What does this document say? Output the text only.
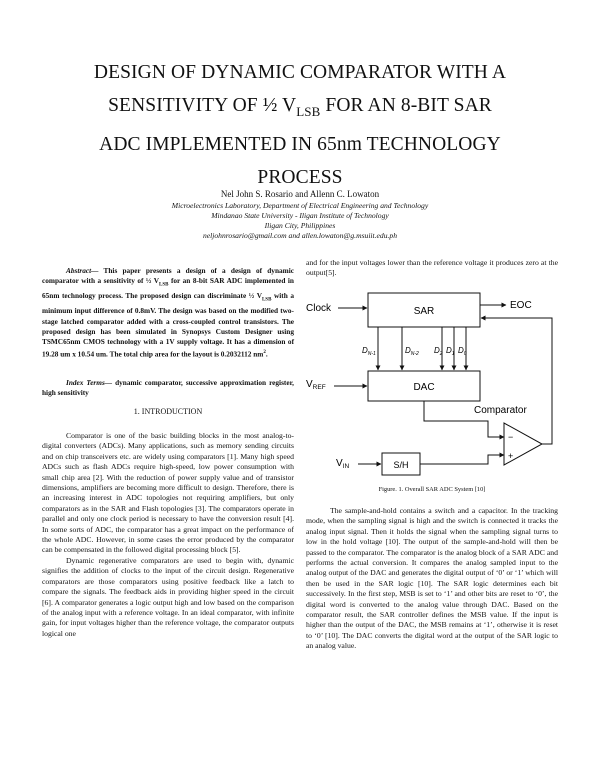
DESIGN OF DYNAMIC COMPARATOR WITH A
SENSITIVITY OF ½ $V_{LSB}$ FOR AN 8-BIT SAR
ADC IMPLEMENTED IN 65nm TECHNOLOGY
PROCESS
Nel John S. Rosario and Allenn C. Lowaton
Microelectronics Laboratory, Department of Electrical Engineering and Technology
Mindanao State University - Iligan Institute of Technology
Iligan City, Philippines
neljohnrosario@gmail.com and allen.lowaton@g.msuiit.edu.ph

Abstract— This paper presents a design of a design of dynamic comparator with a sensitivity of ½ $V_{LSB}$ for an 8-bit SAR ADC implemented in 65nm technology process. The proposed design can discriminate ½ $V_{LSB}$ with a minimum input difference of 0.8mV. The design was based on the modified two-stage latched comparator added with a cross-coupled control transistors. The proposed design has been simulated in Synopsys Custom Designer using TSMC65nm CMOS technology with a 1V supply voltage. It has a dimension of 19.28 um x 10.54 um. The total chip area for the layout is 0.2032112 $nm^2$.

Index Terms— dynamic comparator, successive approximation register, high sensitivity

1. INTRODUCTION

Comparator is one of the basic building blocks in the most analog-to-digital converters (ADCs). Many applications, such as memory sending circuits and on chip transceivers etc. are widely using comparators [1]. Many high speed ADCs such as flash ADCs require high-speed, low power consumption with small chip area [2]. With the reduction of power supply value and of transistor dimensions, amplifiers are becoming more difficult to design. Therefore, there is an increasing interest in ADC topologies not requiring amplifiers, but only comparators as in the SAR and Flash topologies [3]. The comparators operate in parallel and only one clock period is necessary to have the conversion result [4]. In some sorts of ADC, the comparator has a great impact on the performance of the whole ADC. However, in some cases the error produced by the comparator can be compensated in the followed digital processing block [5].

Dynamic regenerative comparators are used to begin with, dynamic signifies the addition of clocks to the input of the circuit design. Regenerative comparators are those comparators using positive feedback like a latch to compare the signals. The feedback aids in providing higher speed in the circuit [6]. A comparator generates a logic output high and low based on the comparison of the analog input with a reference voltage. In an ideal comparator, with infinite gain, for input voltages higher than the reference voltage, the comparator outputs logical one

and for the input voltages lower than the reference voltage it produces zero at the output[5].

SAR
Clock	EOC
$D_{N-1}$	$D_{N-2}$ $D_2$ $D_1$ $D_0$
DAC
$V_{REF}$
Comparator
−
+
$V_{IN}$	S/H
Figure. 1. Overall SAR ADC System [10]

The sample-and-hold contains a switch and a capacitor. In the tracking mode, when the sampling signal is high and the switch is connected it tracks the analog input signal. Then it holds the signal when the sampling signal turns to low in the hold voltage [10]. The output of the sample-and-hold will then be passed to the comparator. The comparator is the analog block of a SAR ADC and performs the actual conversion. It compares the analog sampled input to the analog output of the DAC and generates the digital output of ‘0’ or ‘1’ which will then be used in the SAR logic [10]. The SAR logic determines each bit successively. In the first step, MSB is set to ‘1’ and other bits are reset to ‘0’, the digital word is converted to the analog value through DAC. Based on the comparator result, the SAR controller defines the MSB value. If the input is higher than the output of the DAC, the MSB remains at ‘1’, otherwise it is reset to ‘0’ [10]. The DAC converts the digital word at the output of the SAR logic to an analog value.
